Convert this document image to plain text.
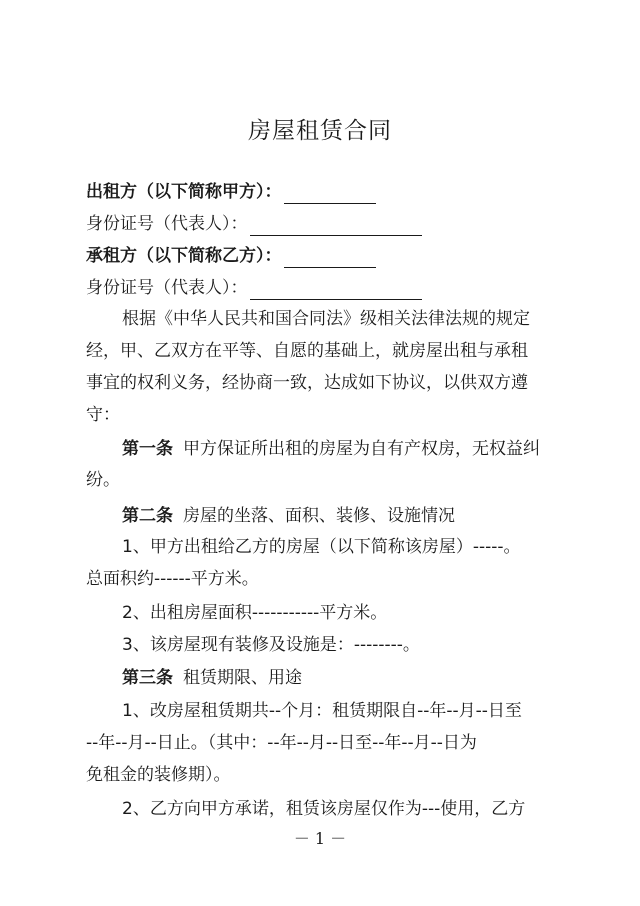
房屋租赁合同
出租方（以下简称甲方）：
身份证号（代表人）：
承租方（以下简称乙方）：
身份证号（代表人）：
根据《中华人民共和国合同法》级相关法律法规的规定
经，甲、乙双方在平等、自愿的基础上，就房屋出租与承租
事宜的权利义务，经协商一致，达成如下协议，以供双方遵
守：
第一条 甲方保证所出租的房屋为自有产权房，无权益纠
纷。
第二条 房屋的坐落、面积、装修、设施情况
1、甲方出租给乙方的房屋（以下简称该房屋）-----。
总面积约------平方米。
2、出租房屋面积-----------平方米。
3、该房屋现有装修及设施是：--------。
第三条 租赁期限、用途
1、改房屋租赁期共--个月：租赁期限自--年--月--日至
--年--月--日止。（其中：--年--月--日至--年--月--日为
免租金的装修期）。
2、乙方向甲方承诺，租赁该房屋仅作为---使用，乙方
－ 1 －
